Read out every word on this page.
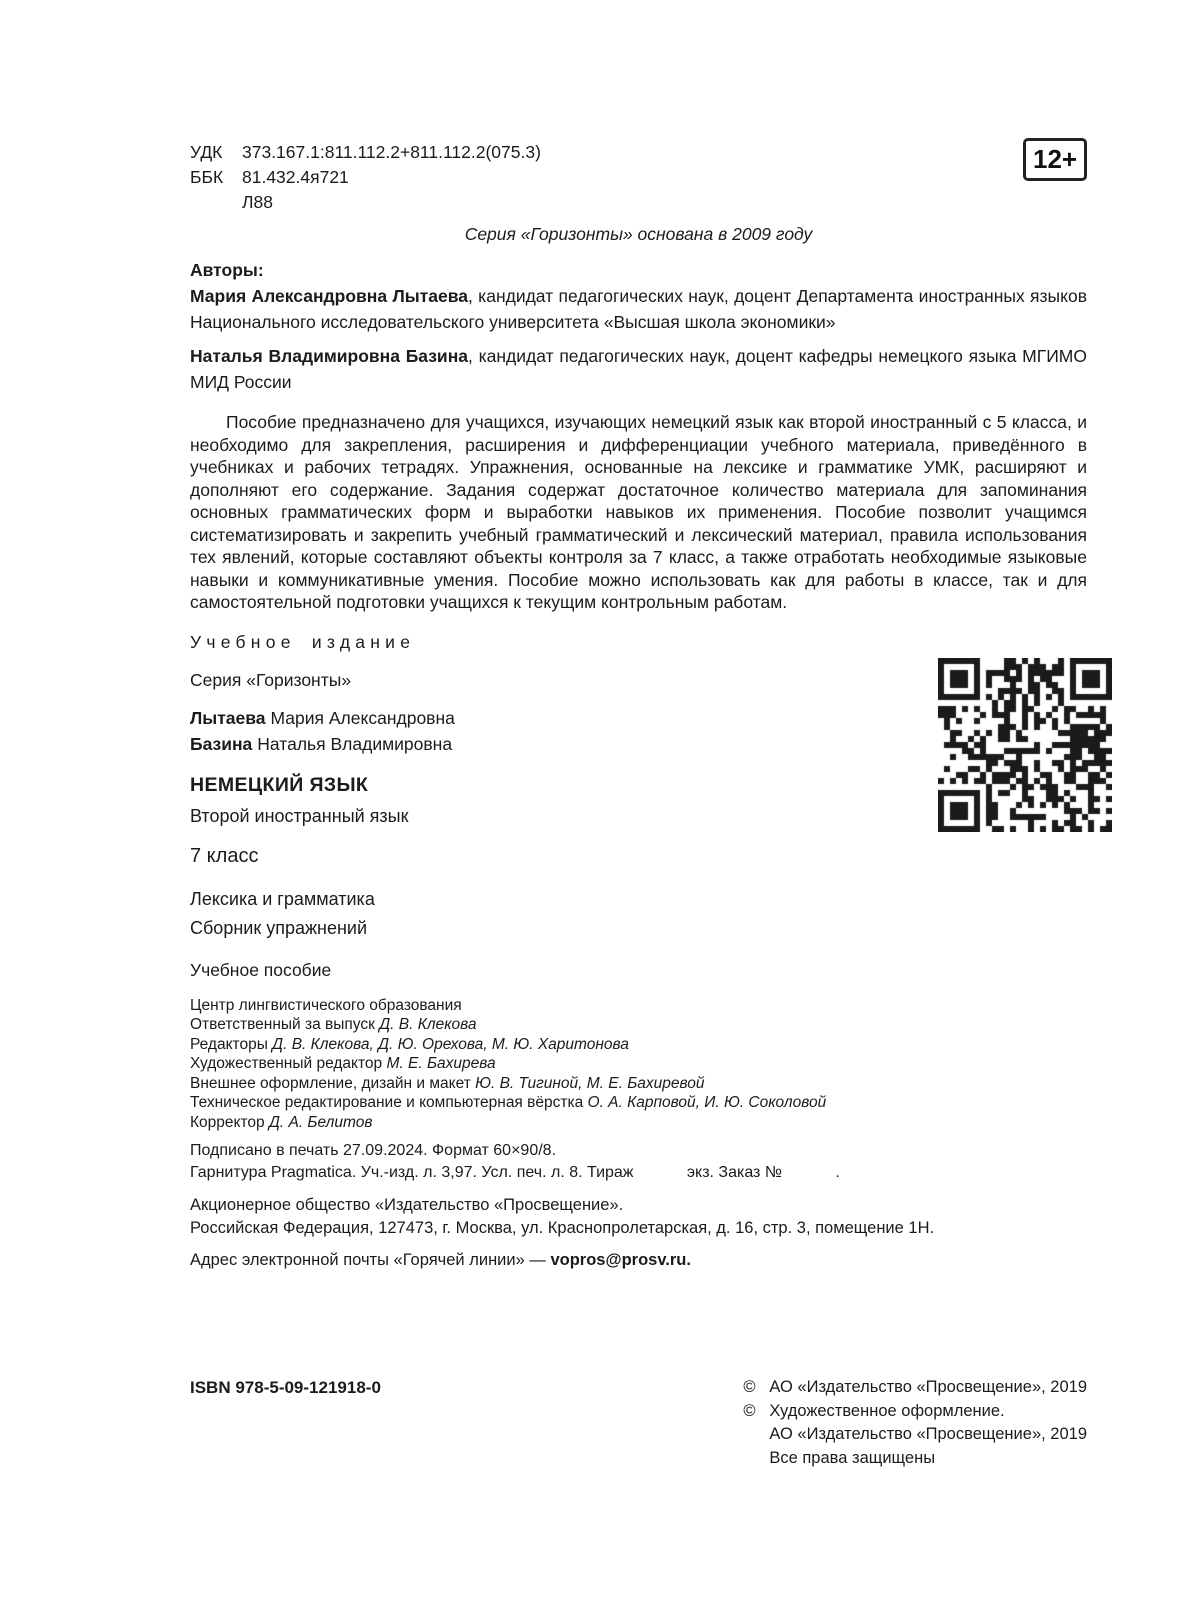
УДК 373.167.1:811.112.2+811.112.2(075.3)
ББК 81.432.4я721
Л88
Серия «Горизонты» основана в 2009 году
Авторы:

Мария Александровна Лытаева, кандидат педагогических наук, доцент Департамента иностранных языков Национального исследовательского университета «Высшая школа экономики»

Наталья Владимировна Базина, кандидат педагогических наук, доцент кафедры немецкого языка МГИМО МИД России

Пособие предназначено для учащихся, изучающих немецкий язык как второй иностранный с 5 класса, и необходимо для закрепления, расширения и дифференциации учебного материала, приведённого в учебниках и рабочих тетрадях. Упражнения, основанные на лексике и грамматике УМК, расширяют и дополняют его содержание. Задания содержат достаточное количество материала для запоминания основных грамматических форм и выработки навыков их применения. Пособие позволит учащимся систематизировать и закрепить учебный грамматический и лексический материал, правила использования тех явлений, которые составляют объекты контроля за 7 класс, а также отработать необходимые языковые навыки и коммуникативные умения. Пособие можно использовать как для работы в классе, так и для самостоятельной подготовки учащихся к текущим контрольным работам.

Учебное издание
Серия «Горизонты»
Лытаева Мария Александровна
Базина Наталья Владимировна
НЕМЕЦКИЙ ЯЗЫК
Второй иностранный язык
7 класс
Лексика и грамматика
Сборник упражнений
Учебное пособие
Центр лингвистического образования
Ответственный за выпуск Д. В. Клекова
Редакторы Д. В. Клекова, Д. Ю. Орехова, М. Ю. Харитонова
Художественный редактор М. Е. Бахирева
Внешнее оформление, дизайн и макет Ю. В. Тигиной, М. Е. Бахиревой
Техническое редактирование и компьютерная вёрстка О. А. Карповой, И. Ю. Соколовой
Корректор Д. А. Белитов
Подписано в печать 27.09.2024. Формат 60×90/8.
Гарнитура Pragmatica. Уч.-изд. л. 3,97. Усл. печ. л. 8. Тираж            экз. Заказ №            .
Акционерное общество «Издательство «Просвещение».
Российская Федерация, 127473, г. Москва, ул. Краснопролетарская, д. 16, стр. 3, помещение 1Н.
Адрес электронной почты «Горячей линии» — vopros@prosv.ru.
12+
ISBN 978-5-09-121918-0	© АО «Издательство «Просвещение», 2019
© Художественное оформление.
АО «Издательство «Просвещение», 2019
Все права защищены
